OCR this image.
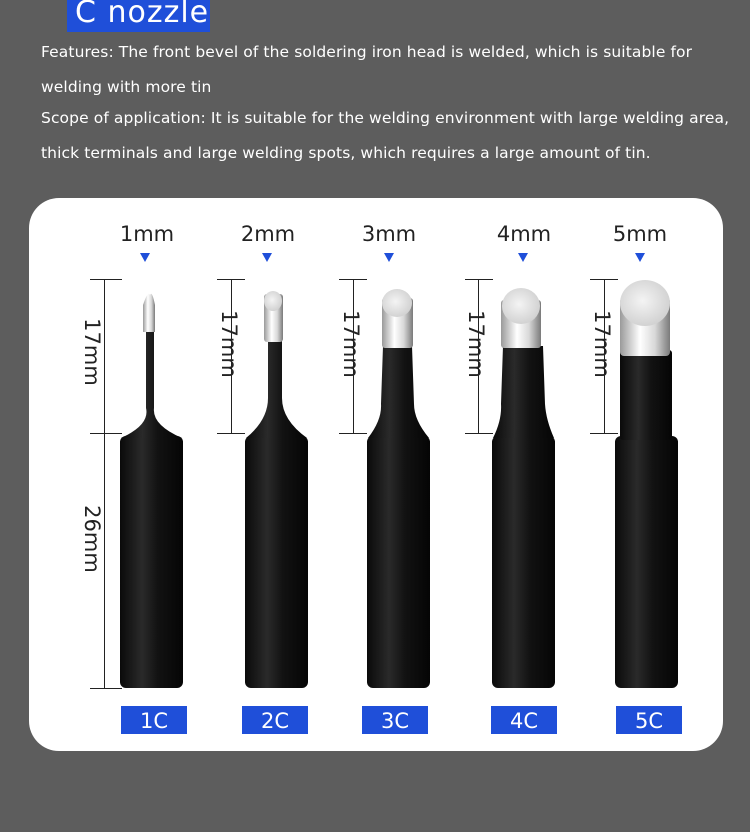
C nozzle
Features: The front bevel of the soldering iron head is welded, which is suitable for welding with more tin
Scope of application: It is suitable for the welding environment with large welding area, thick terminals and large welding spots, which requires a large amount of tin.
1mm	2mm	3mm	4mm	5mm
17mm
26mm
17mm	17mm	17mm	17mm
1C	2C	3C	4C	5C
